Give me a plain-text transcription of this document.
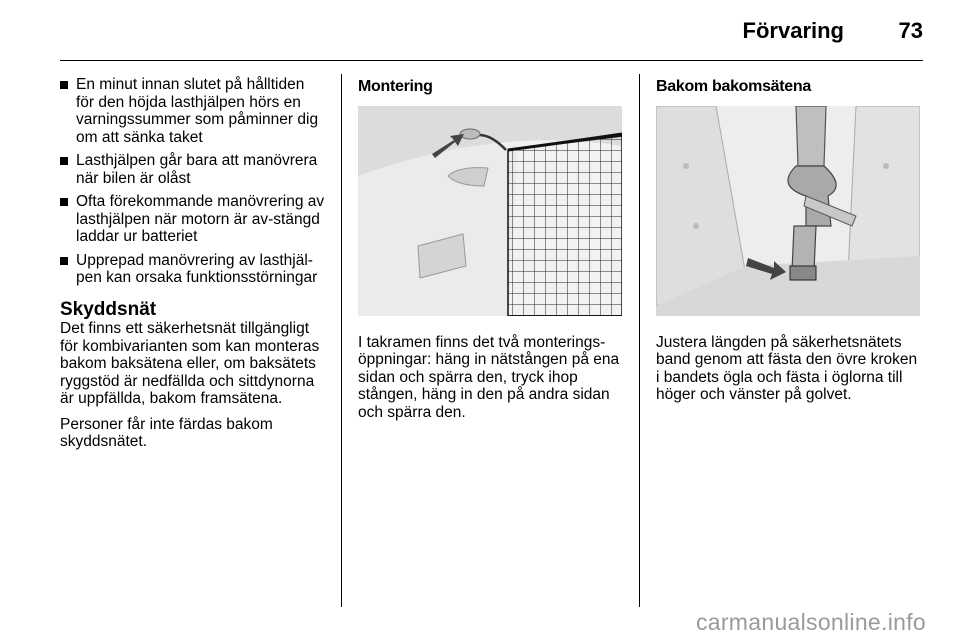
Förvaring 73
En minut innan slutet på hålltiden för den höjda lasthjälpen hörs en varningssummer som påminner dig om att sänka taket
Lasthjälpen går bara att manövrera när bilen är olåst
Ofta förekommande manövrering av lasthjälpen när motorn är av-stängd laddar ur batteriet
Upprepad manövrering av lasthjäl-pen kan orsaka funktionsstörningar
Skyddsnät

Det finns ett säkerhetsnät tillgängligt för kombivarianten som kan monteras bakom baksätena eller, om baksätets ryggstöd är nedfällda och sittdynorna är uppfällda, bakom framsätena.

Personer får inte färdas bakom skyddsnätet.

Montering

I takramen finns det två monterings-öppningar: häng in nätstången på ena sidan och spärra den, tryck ihop stången, häng in den på andra sidan och spärra den.

Bakom bakomsätena

Justera längden på säkerhetsnätets band genom att fästa den övre kroken i bandets ögla och fästa i öglorna till höger och vänster på golvet.

carmanualsonline.info
